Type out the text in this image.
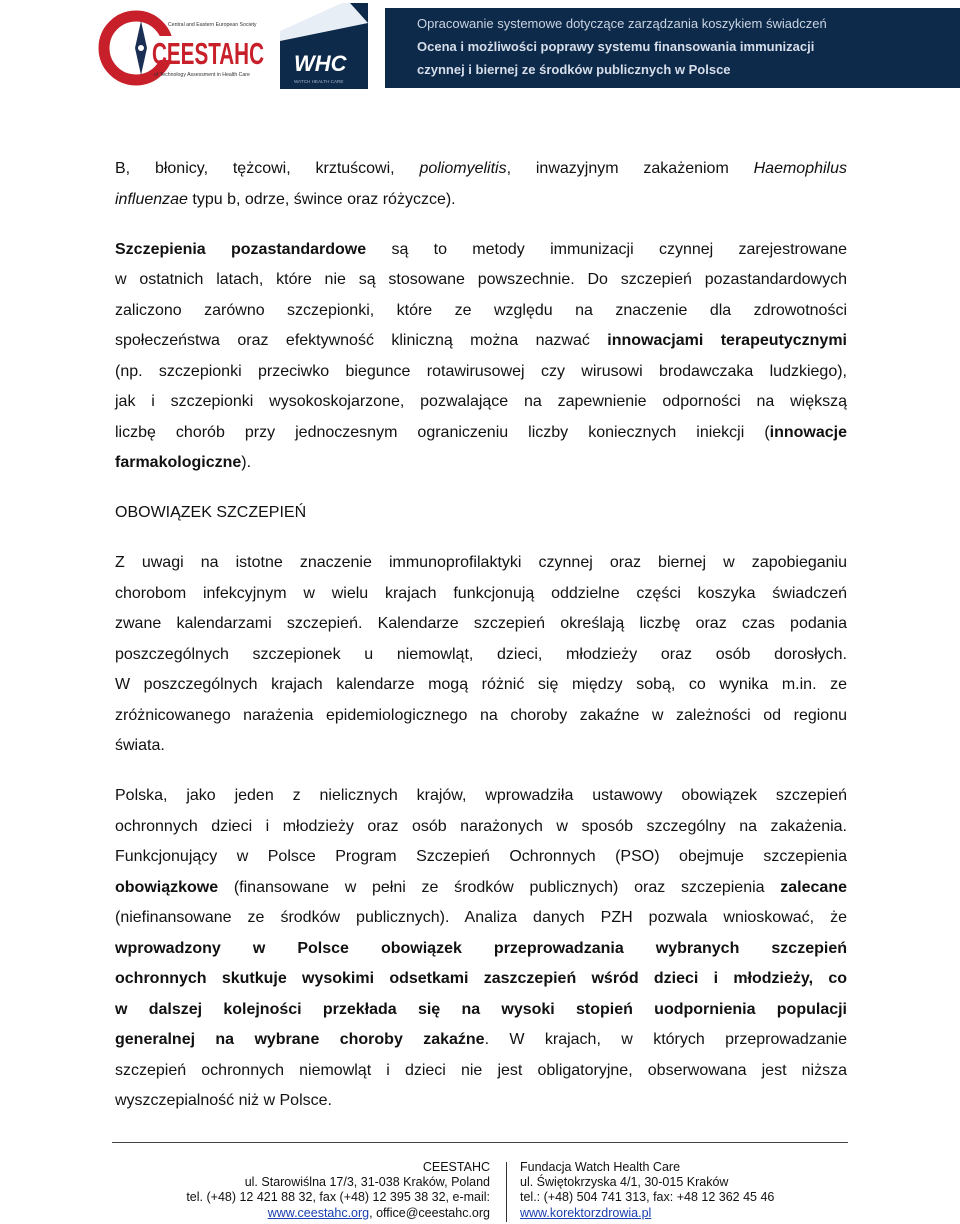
Central and Eastern European Society
CEESTAHC
of Technology Assessment in Health Care WHC
WATCH HEALTH CARE
Opracowanie systemowe dotyczące zarządzania koszykiem świadczeń
Ocena i możliwości poprawy systemu finansowania immunizacji
czynnej i biernej ze środków publicznych w Polsce

B, błonicy, tężcowi, krztuścowi, poliomyelitis, inwazyjnym zakażeniom Haemophilus
influenzae typu b, odrze, śwince oraz różyczce).

Szczepienia pozastandardowe są to metody immunizacji czynnej zarejestrowane
w ostatnich latach, które nie są stosowane powszechnie. Do szczepień pozastandardowych
zaliczono zarówno szczepionki, które ze względu na znaczenie dla zdrowotności
społeczeństwa oraz efektywność kliniczną można nazwać innowacjami terapeutycznymi
(np. szczepionki przeciwko biegunce rotawirusowej czy wirusowi brodawczaka ludzkiego),
jak i szczepionki wysokoskojarzone, pozwalające na zapewnienie odporności na większą
liczbę chorób przy jednoczesnym ograniczeniu liczby koniecznych iniekcji (innowacje
farmakologiczne).

OBOWIĄZEK SZCZEPIEŃ

Z uwagi na istotne znaczenie immunoprofilaktyki czynnej oraz biernej w zapobieganiu
chorobom infekcyjnym w wielu krajach funkcjonują oddzielne części koszyka świadczeń
zwane kalendarzami szczepień. Kalendarze szczepień określają liczbę oraz czas podania
poszczególnych szczepionek u niemowląt, dzieci, młodzieży oraz osób dorosłych.
W poszczególnych krajach kalendarze mogą różnić się między sobą, co wynika m.in. ze
zróżnicowanego narażenia epidemiologicznego na choroby zakaźne w zależności od regionu
świata.

Polska, jako jeden z nielicznych krajów, wprowadziła ustawowy obowiązek szczepień
ochronnych dzieci i młodzieży oraz osób narażonych w sposób szczególny na zakażenia.
Funkcjonujący w Polsce Program Szczepień Ochronnych (PSO) obejmuje szczepienia
obowiązkowe (finansowane w pełni ze środków publicznych) oraz szczepienia zalecane
(niefinansowane ze środków publicznych). Analiza danych PZH pozwala wnioskować, że
wprowadzony w Polsce obowiązek przeprowadzania wybranych szczepień
ochronnych skutkuje wysokimi odsetkami zaszczepień wśród dzieci i młodzieży, co
w dalszej kolejności przekłada się na wysoki stopień uodpornienia populacji
generalnej na wybrane choroby zakaźne. W krajach, w których przeprowadzanie
szczepień ochronnych niemowląt i dzieci nie jest obligatoryjne, obserwowana jest niższa
wyszczepialność niż w Polsce.

CEESTAHC
ul. Starowiślna 17/3, 31-038 Kraków, Poland
tel. (+48) 12 421 88 32, fax (+48) 12 395 38 32, e-mail:
www.ceestahc.org, office@ceestahc.org
Fundacja Watch Health Care
ul. Świętokrzyska 4/1, 30-015 Kraków
tel.: (+48) 504 741 313, fax: +48 12 362 45 46
www.korektorzdrowia.pl
